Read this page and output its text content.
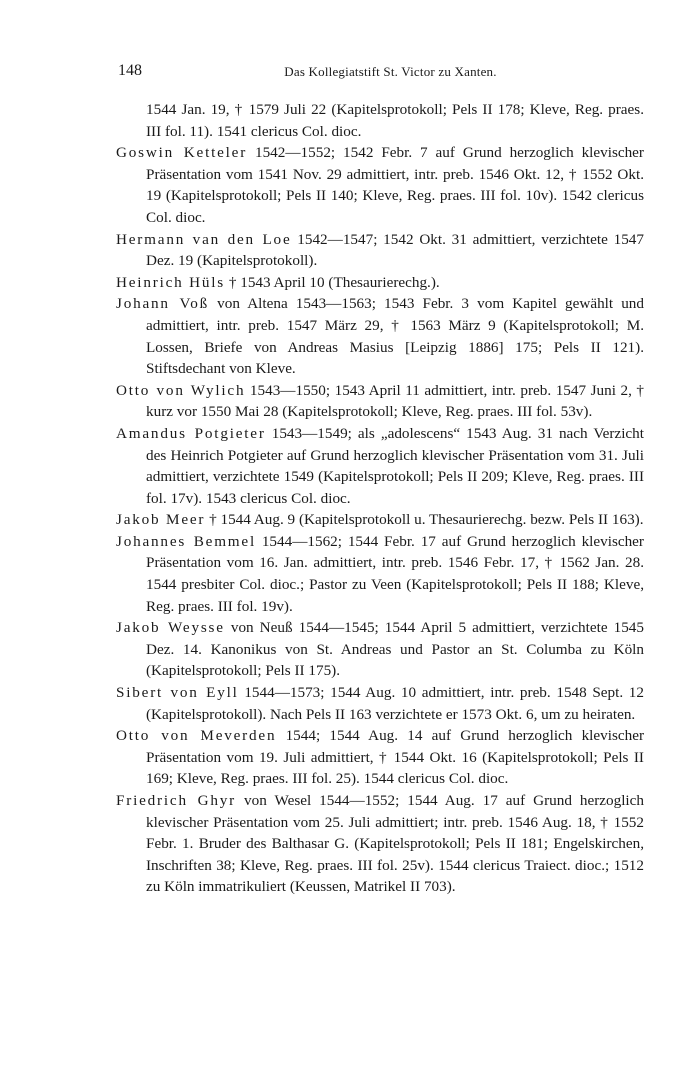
148	Das Kollegiatstift St. Victor zu Xanten.

1544 Jan. 19, † 1579 Juli 22 (Kapitelsprotokoll; Pels II 178; Kleve, Reg. praes. III fol. 11). 1541 clericus Col. dioc.

Goswin Ketteler 1542—1552; 1542 Febr. 7 auf Grund herzoglich klevischer Präsentation vom 1541 Nov. 29 admittiert, intr. preb. 1546 Okt. 12, † 1552 Okt. 19 (Kapitelsprotokoll; Pels II 140; Kleve, Reg. praes. III fol. 10v). 1542 clericus Col. dioc.

Hermann van den Loe 1542—1547; 1542 Okt. 31 admittiert, verzichtete 1547 Dez. 19 (Kapitelsprotokoll).

Heinrich Hüls † 1543 April 10 (Thesaurierechg.).

Johann Voß von Altena 1543—1563; 1543 Febr. 3 vom Kapitel gewählt und admittiert, intr. preb. 1547 März 29, † 1563 März 9 (Kapitelsprotokoll; M. Lossen, Briefe von Andreas Masius [Leipzig 1886] 175; Pels II 121). Stiftsdechant von Kleve.

Otto von Wylich 1543—1550; 1543 April 11 admittiert, intr. preb. 1547 Juni 2, † kurz vor 1550 Mai 28 (Kapitelsprotokoll; Kleve, Reg. praes. III fol. 53v).

Amandus Potgieter 1543—1549; als „adolescens“ 1543 Aug. 31 nach Verzicht des Heinrich Potgieter auf Grund herzoglich klevischer Präsentation vom 31. Juli admittiert, verzichtete 1549 (Kapitelsprotokoll; Pels II 209; Kleve, Reg. praes. III fol. 17v). 1543 clericus Col. dioc.

Jakob Meer † 1544 Aug. 9 (Kapitelsprotokoll u. Thesaurierechg. bezw. Pels II 163).

Johannes Bemmel 1544—1562; 1544 Febr. 17 auf Grund herzoglich klevischer Präsentation vom 16. Jan. admittiert, intr. preb. 1546 Febr. 17, † 1562 Jan. 28. 1544 presbiter Col. dioc.; Pastor zu Veen (Kapitelsprotokoll; Pels II 188; Kleve, Reg. praes. III fol. 19v).

Jakob Weysse von Neuß 1544—1545; 1544 April 5 admittiert, verzichtete 1545 Dez. 14. Kanonikus von St. Andreas und Pastor an St. Columba zu Köln (Kapitelsprotokoll; Pels II 175).

Sibert von Eyll 1544—1573; 1544 Aug. 10 admittiert, intr. preb. 1548 Sept. 12 (Kapitelsprotokoll). Nach Pels II 163 verzichtete er 1573 Okt. 6, um zu heiraten.

Otto von Meverden 1544; 1544 Aug. 14 auf Grund herzoglich klevischer Präsentation vom 19. Juli admittiert, † 1544 Okt. 16 (Kapitelsprotokoll; Pels II 169; Kleve, Reg. praes. III fol. 25). 1544 clericus Col. dioc.

Friedrich Ghyr von Wesel 1544—1552; 1544 Aug. 17 auf Grund herzoglich klevischer Präsentation vom 25. Juli admittiert; intr. preb. 1546 Aug. 18, † 1552 Febr. 1. Bruder des Balthasar G. (Kapitelsprotokoll; Pels II 181; Engelskirchen, Inschriften 38; Kleve, Reg. praes. III fol. 25v). 1544 clericus Traiect. dioc.; 1512 zu Köln immatrikuliert (Keussen, Matrikel II 703).
